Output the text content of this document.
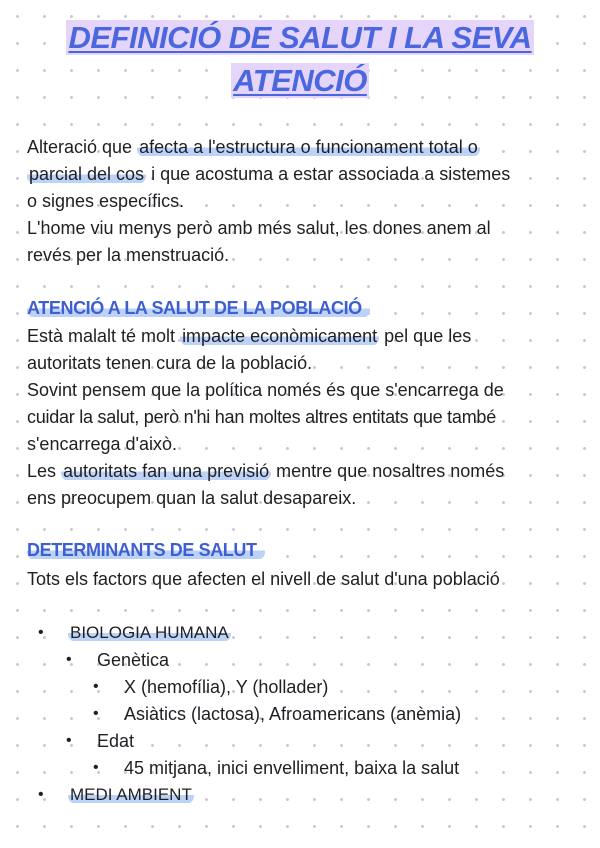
DEFINICIÓ DE SALUT I LA SEVA
ATENCIÓ
Alteració que afecta a l'estructura o funcionament total o
parcial del cos i que acostuma a estar associada a sistemes
o signes específics.
L'home viu menys però amb més salut, les dones anem al
revés per la menstruació.
ATENCIÓ A LA SALUT DE LA POBLACIÓ
Està malalt té molt impacte econòmicament pel que les
autoritats tenen cura de la població.
Sovint pensem que la política només és que s'encarrega de
cuidar la salut, però n'hi han moltes altres entitats que també
s'encarrega d'això.
Les autoritats fan una previsió mentre que nosaltres només
ens preocupem quan la salut desapareix.
DETERMINANTS DE SALUT
Tots els factors que afecten el nivell de salut d'una població
• BIOLOGIA HUMANA
• Genètica
• X (hemofília), Y (hollader)
• Asiàtics (lactosa), Afroamericans (anèmia)
• Edat
• 45 mitjana, inici envelliment, baixa la salut
• MEDI AMBIENT
